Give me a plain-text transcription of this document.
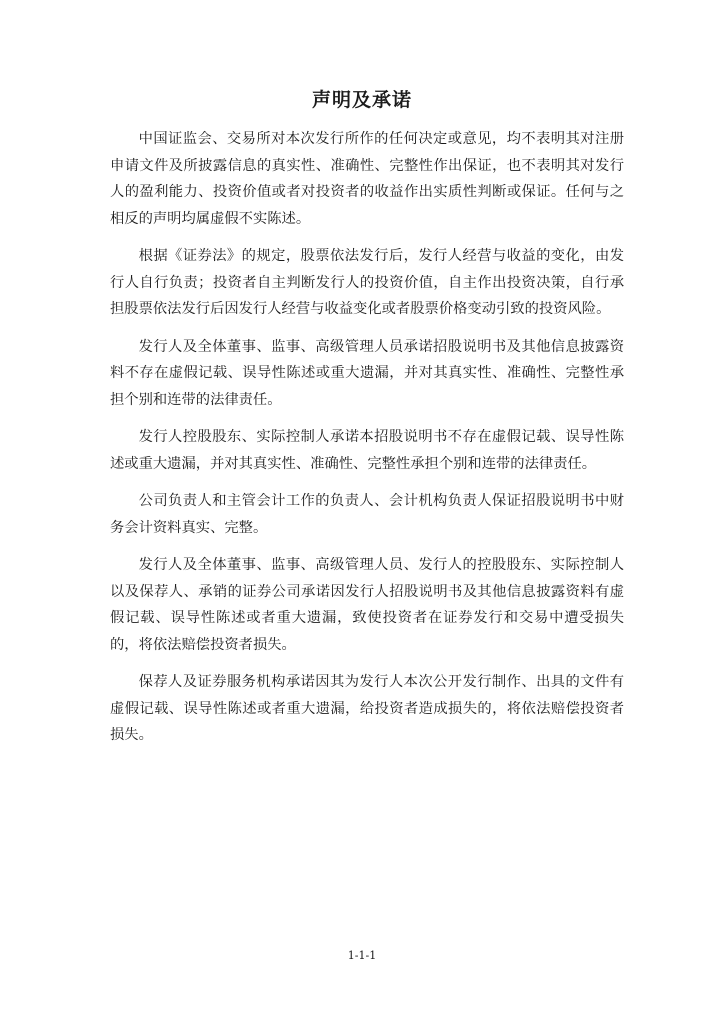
声明及承诺

中国证监会、交易所对本次发行所作的任何决定或意见，均不表明其对注册申请文件及所披露信息的真实性、准确性、完整性作出保证，也不表明其对发行人的盈利能力、投资价值或者对投资者的收益作出实质性判断或保证。任何与之相反的声明均属虚假不实陈述。

根据《证券法》的规定，股票依法发行后，发行人经营与收益的变化，由发行人自行负责；投资者自主判断发行人的投资价值，自主作出投资决策，自行承担股票依法发行后因发行人经营与收益变化或者股票价格变动引致的投资风险。

发行人及全体董事、监事、高级管理人员承诺招股说明书及其他信息披露资料不存在虚假记载、误导性陈述或重大遗漏，并对其真实性、准确性、完整性承担个别和连带的法律责任。

发行人控股股东、实际控制人承诺本招股说明书不存在虚假记载、误导性陈述或重大遗漏，并对其真实性、准确性、完整性承担个别和连带的法律责任。

公司负责人和主管会计工作的负责人、会计机构负责人保证招股说明书中财务会计资料真实、完整。

发行人及全体董事、监事、高级管理人员、发行人的控股股东、实际控制人以及保荐人、承销的证券公司承诺因发行人招股说明书及其他信息披露资料有虚假记载、误导性陈述或者重大遗漏，致使投资者在证券发行和交易中遭受损失的，将依法赔偿投资者损失。

保荐人及证券服务机构承诺因其为发行人本次公开发行制作、出具的文件有虚假记载、误导性陈述或者重大遗漏，给投资者造成损失的，将依法赔偿投资者损失。

1-1-1
